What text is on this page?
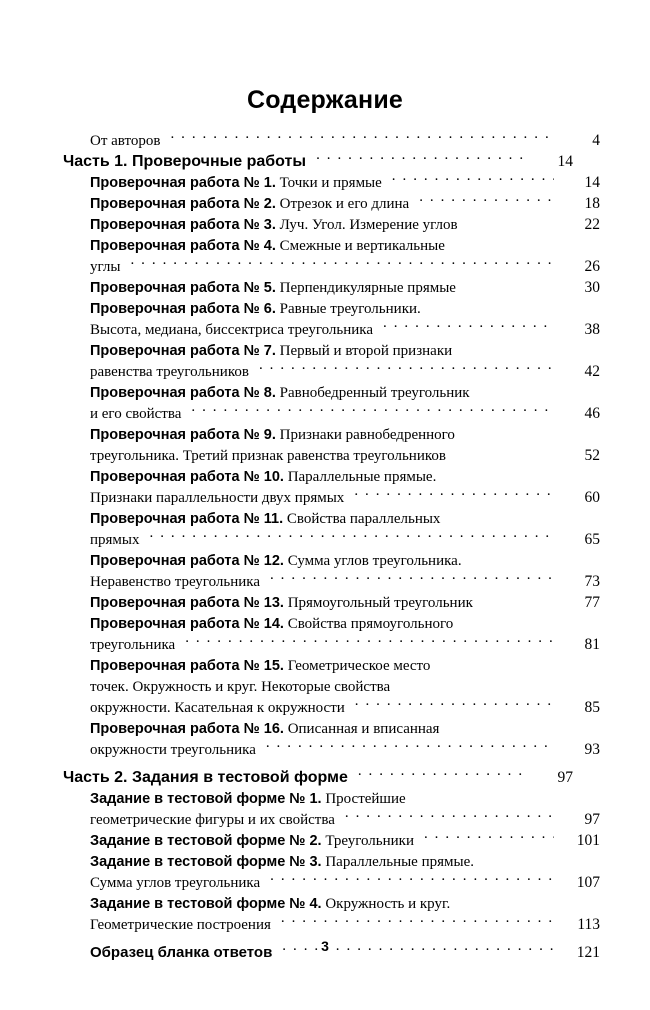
Содержание
От авторов . . .	4
Часть 1. Проверочные работы . . .	14
Проверочная работа № 1.
Точки и прямые . . .	14
Проверочная работа № 2.
Отрезок и его длина . . .	18
Проверочная работа № 3.
Луч. Угол. Измерение углов	22
Проверочная работа № 4.
Смежные и вертикальные
углы . . .	26
Проверочная работа № 5.
Перпендикулярные прямые	30
Проверочная работа № 6.
Равные треугольники.
Высота, медиана, биссектриса треугольника . . .	38
Проверочная работа № 7.
Первый и второй признаки
равенства треугольников . . .	42
Проверочная работа № 8.
Равнобедренный треугольник
и его свойства . . .	46
Проверочная работа № 9.
Признаки равнобедренного
треугольника. Третий признак равенства треугольников	52
Проверочная работа № 10.
Параллельные прямые.
Признаки параллельности двух прямых . . .	60
Проверочная работа № 11.
Свойства параллельных
прямых . . .	65
Проверочная работа № 12.
Сумма углов треугольника.
Неравенство треугольника . . .	73
Проверочная работа № 13.
Прямоугольный треугольник	77
Проверочная работа № 14.
Свойства прямоугольного
треугольника . . .	81
Проверочная работа № 15.
Геометрическое место
точек. Окружность и круг. Некоторые свойства
окружности. Касательная к окружности . . .	85
Проверочная работа № 16.
Описанная и вписанная
окружности треугольника . . .	93
Часть 2. Задания в тестовой форме . . .	97
Задание в тестовой форме № 1.
Простейшие
геометрические фигуры и их свойства . . .	97
Задание в тестовой форме № 2.
Треугольники . . .	101
Задание в тестовой форме № 3.
Параллельные прямые.
Сумма углов треугольника . . .	107
Задание в тестовой форме № 4.
Окружность и круг.
Геометрические построения . . .	113
Образец бланка ответов . . .	121
3
